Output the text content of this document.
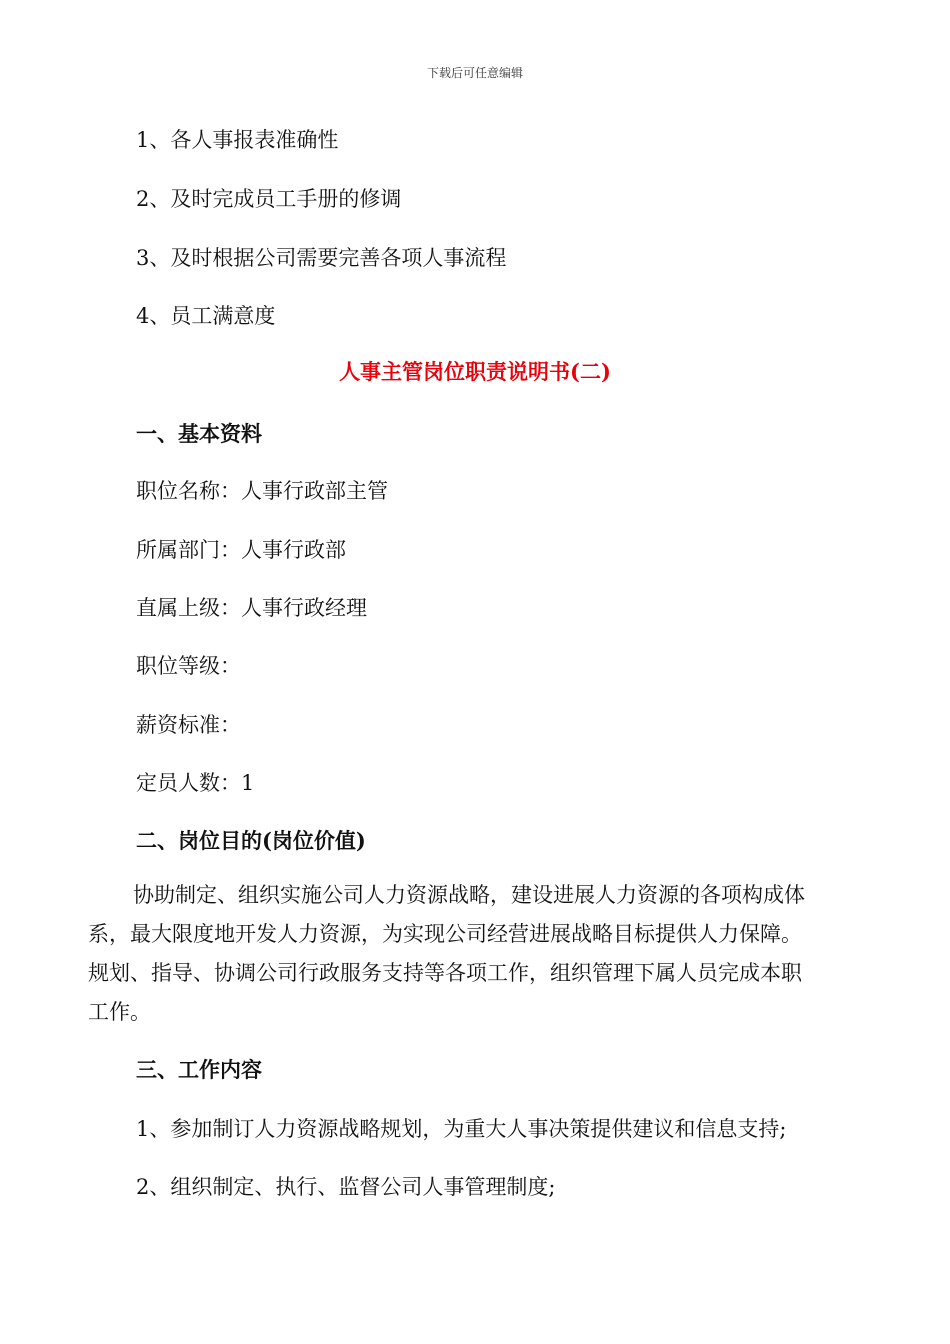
下载后可任意编辑
1、各人事报表准确性
2、及时完成员工手册的修调
3、及时根据公司需要完善各项人事流程
4、员工满意度
人事主管岗位职责说明书(二)
一、基本资料
职位名称：人事行政部主管
所属部门：人事行政部
直属上级：人事行政经理
职位等级：
薪资标准：
定员人数：1
二、岗位目的(岗位价值)
协助制定、组织实施公司人力资源战略，建设进展人力资源的各项构成体
系，最大限度地开发人力资源，为实现公司经营进展战略目标提供人力保障。
规划、指导、协调公司行政服务支持等各项工作，组织管理下属人员完成本职
工作。
三、工作内容
1、参加制订人力资源战略规划，为重大人事决策提供建议和信息支持;
2、组织制定、执行、监督公司人事管理制度;
